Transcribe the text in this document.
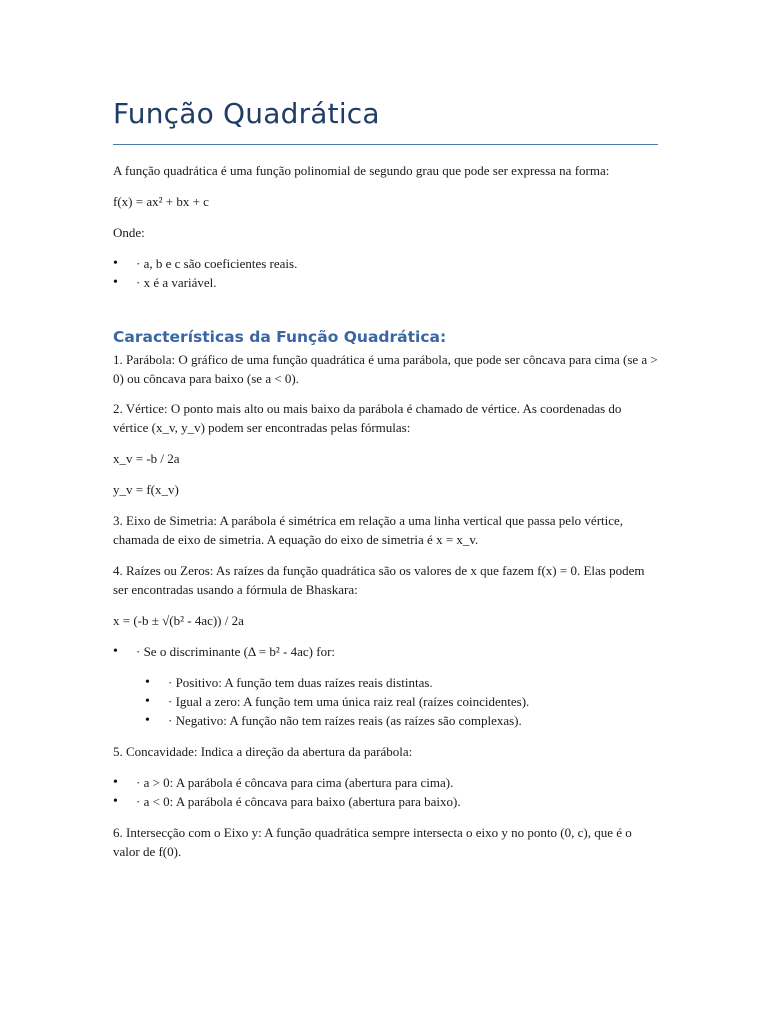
Função Quadrática

A função quadrática é uma função polinomial de segundo grau que pode ser expressa na forma:

f(x) = ax² + bx + c

Onde:

• · a, b e c são coeficientes reais.
• · x é a variável.
Características da Função Quadrática:

1. Parábola: O gráfico de uma função quadrática é uma parábola, que pode ser côncava para cima (se a > 0) ou côncava para baixo (se a < 0).

2. Vértice: O ponto mais alto ou mais baixo da parábola é chamado de vértice. As coordenadas do vértice (x_v, y_v) podem ser encontradas pelas fórmulas:

x_v = -b / 2a

y_v = f(x_v)

3. Eixo de Simetria: A parábola é simétrica em relação a uma linha vertical que passa pelo vértice, chamada de eixo de simetria. A equação do eixo de simetria é x = x_v.

4. Raízes ou Zeros: As raízes da função quadrática são os valores de x que fazem f(x) = 0. Elas podem ser encontradas usando a fórmula de Bhaskara:

x = (-b ± √(b² - 4ac)) / 2a

• · Se o discriminante (Δ = b² - 4ac) for:
• · Positivo: A função tem duas raízes reais distintas.
• · Igual a zero: A função tem uma única raiz real (raízes coincidentes).
• · Negativo: A função não tem raízes reais (as raízes são complexas).

5. Concavidade: Indica a direção da abertura da parábola:

• · a > 0: A parábola é côncava para cima (abertura para cima).
• · a < 0: A parábola é côncava para baixo (abertura para baixo).

6. Intersecção com o Eixo y: A função quadrática sempre intersecta o eixo y no ponto (0, c), que é o valor de f(0).
